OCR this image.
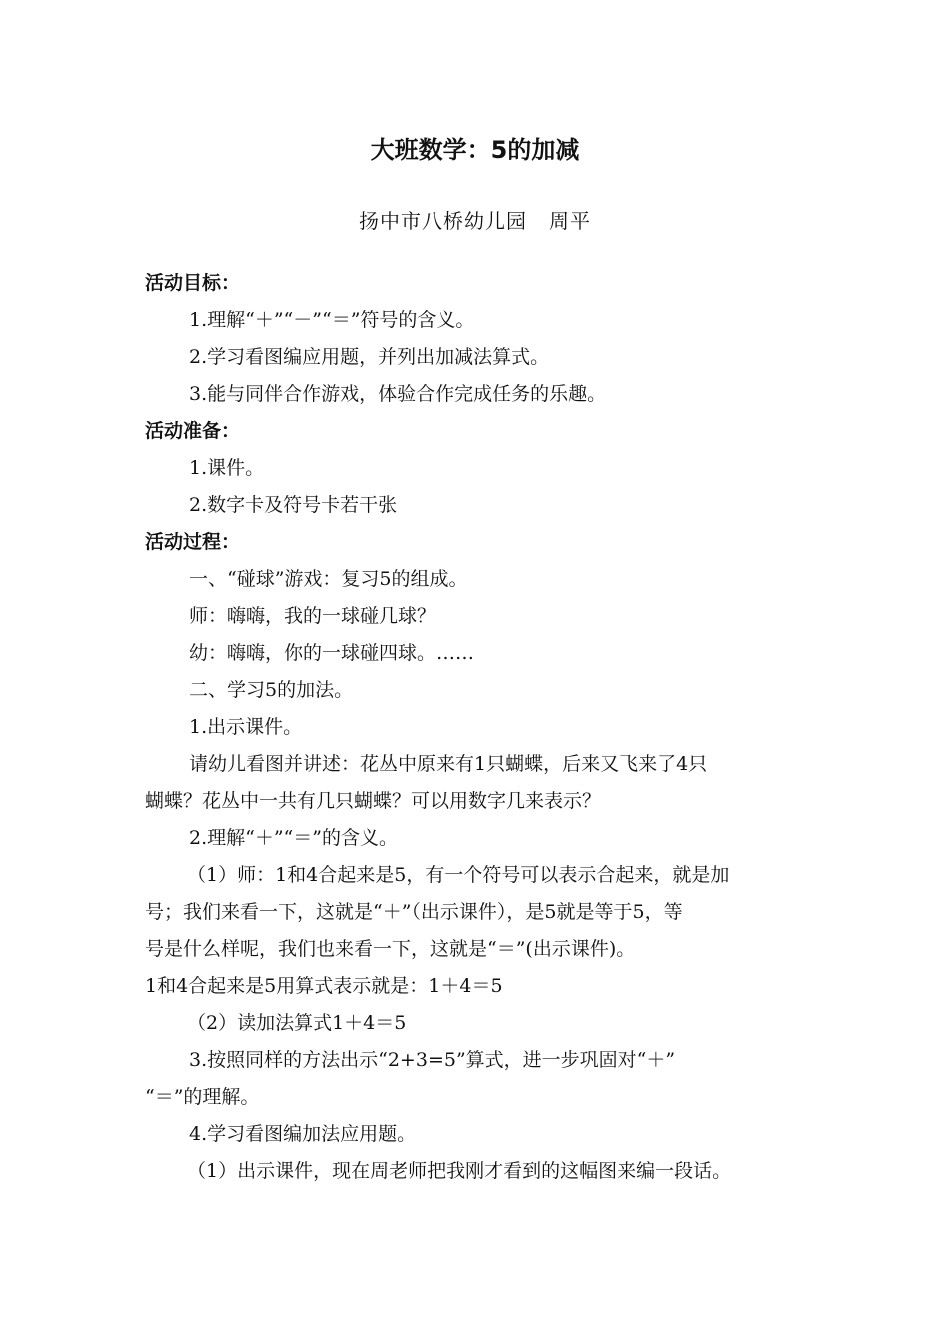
大班数学：5的加减
扬中市八桥幼儿园   周平
活动目标：
1.理解“＋”“－”“＝”符号的含义。
2.学习看图编应用题，并列出加减法算式。
3.能与同伴合作游戏，体验合作完成任务的乐趣。
活动准备：
1.课件。
2.数字卡及符号卡若干张
活动过程：
一、“碰球”游戏：复习5的组成。
师：嗨嗨，我的一球碰几球？
幼：嗨嗨，你的一球碰四球。……
二、学习5的加法。
1.出示课件。
请幼儿看图并讲述：花丛中原来有1只蝴蝶，后来又飞来了4只
蝴蝶？花丛中一共有几只蝴蝶？可以用数字几来表示？
2.理解“＋”“＝”的含义。
（1）师：1和4合起来是5，有一个符号可以表示合起来，就是加
号；我们来看一下，这就是“＋”（出示课件），是5就是等于5，等
号是什么样呢，我们也来看一下，这就是“＝”(出示课件)。
1和4合起来是5用算式表示就是：1＋4＝5
（2）读加法算式1＋4＝5
3.按照同样的方法出示“2+3=5”算式，进一步巩固对“＋”
“＝”的理解。
4.学习看图编加法应用题。
（1）出示课件，现在周老师把我刚才看到的这幅图来编一段话。
